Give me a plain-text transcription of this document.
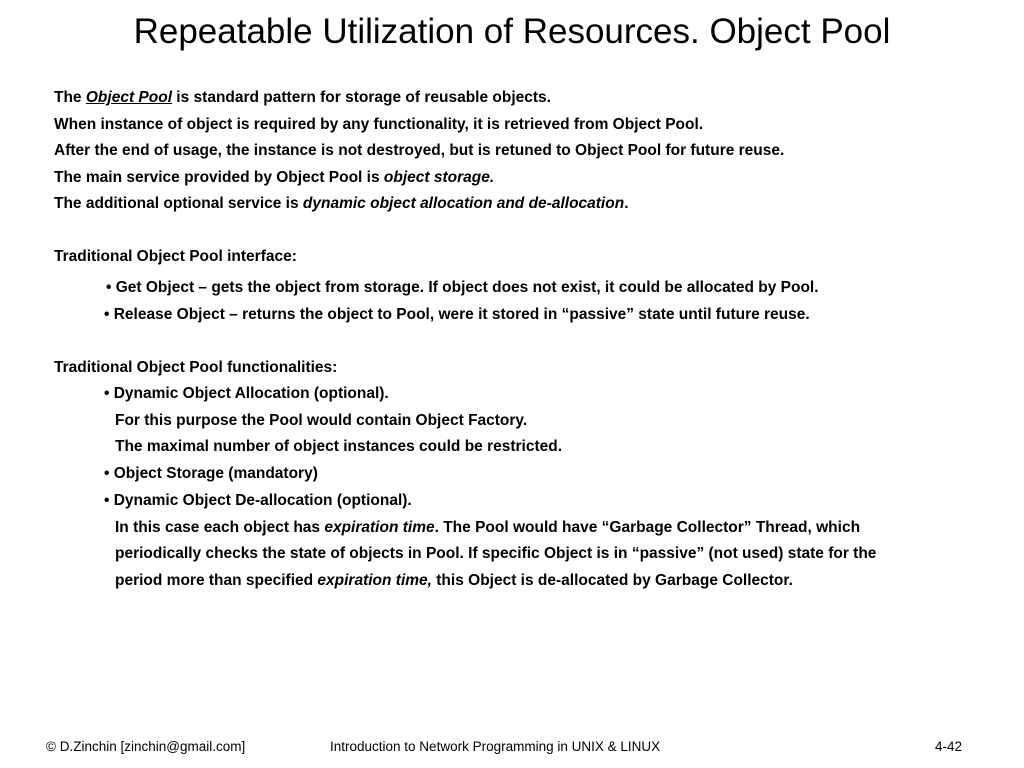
Repeatable Utilization of Resources. Object Pool
The Object Pool is standard pattern for storage of reusable objects.
When instance of object is required by any functionality, it is retrieved from Object Pool.
After the end of usage, the instance is not destroyed, but is retuned to Object Pool for future reuse.
The main service provided by Object Pool is object storage.
The additional optional service is dynamic object allocation and de-allocation.
Traditional Object Pool interface:
• Get Object – gets the object from storage. If object does not exist, it could be allocated by Pool.
• Release Object – returns the object to Pool, were it stored in “passive” state until future reuse.
Traditional Object Pool functionalities:
• Dynamic Object Allocation (optional).
For this purpose the Pool would contain Object Factory.
The maximal number of object instances could be restricted.
• Object Storage (mandatory)
• Dynamic Object De-allocation (optional).
In this case each object has expiration time. The Pool would have “Garbage Collector” Thread, which
periodically checks the state of objects in Pool. If specific Object is in “passive” (not used) state for the
period more than specified expiration time, this Object is de-allocated by Garbage Collector.
© D.Zinchin [zinchin@gmail.com]	Introduction to Network Programming in UNIX & LINUX	4-42
